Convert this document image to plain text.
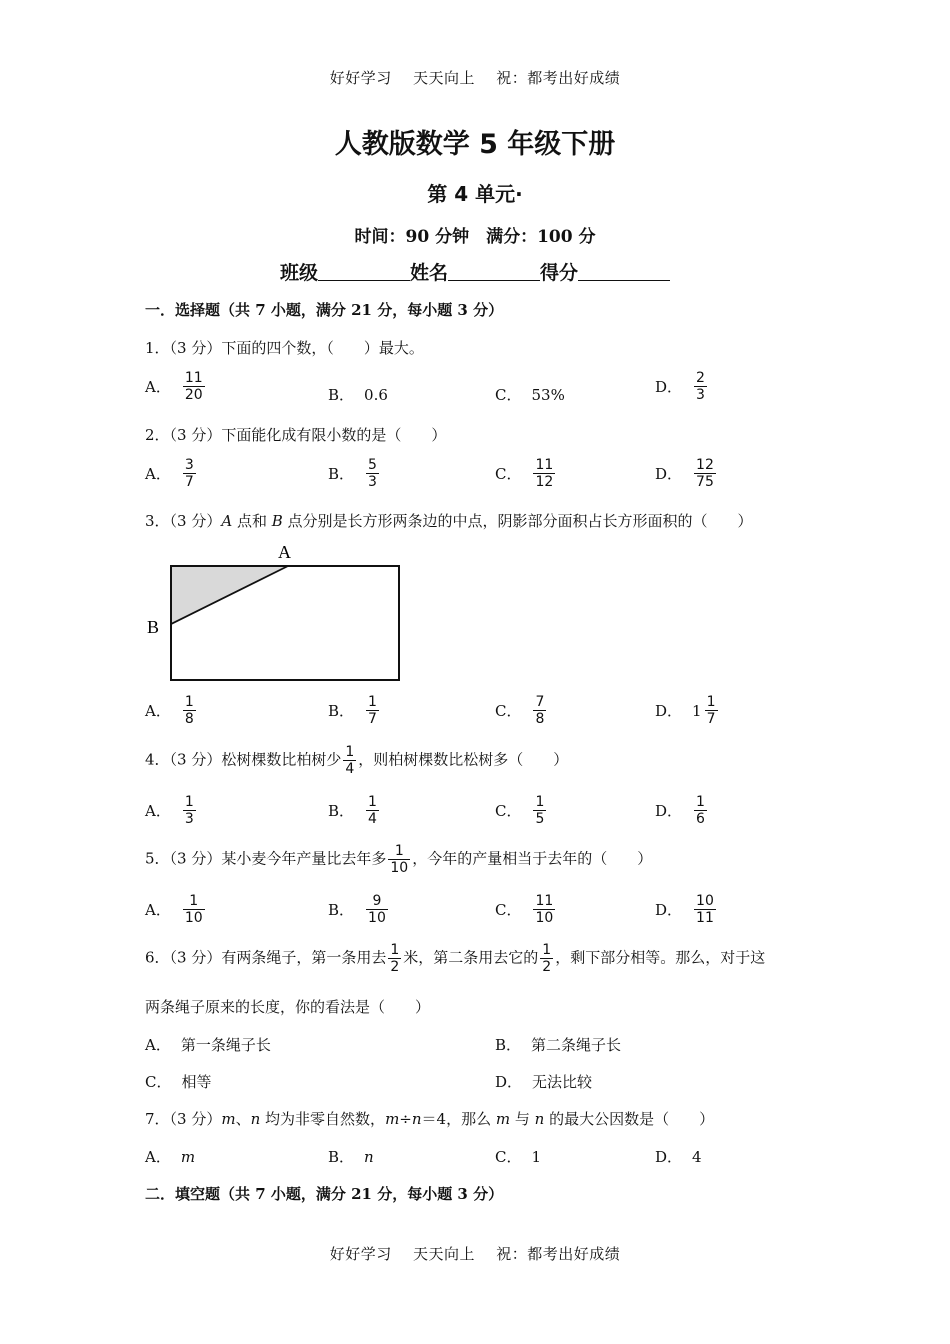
好好学习 天天向上 祝：都考出好成绩
人教版数学 5 年级下册
第 4 单元·
时间：90 分钟　满分：100 分
班级	姓名	得分
一．选择题（共 7 小题，满分 21 分，每小题 3 分）
1．（3 分）下面的四个数，（　　）最大。
A． $\frac{11}{20}$	B． 0.6	C． 53%	D． $\frac{2}{3}$
2．（3 分）下面能化成有限小数的是（　　）
A． $\frac{3}{7}$	B． $\frac{5}{3}$	C． $\frac{11}{12}$	D． $\frac{12}{75}$
3．（3 分）A 点和 B 点分别是长方形两条边的中点，阴影部分面积占长方形面积的（　　）
A
B
A． $\frac{1}{8}$	B． $\frac{1}{7}$	C． $\frac{7}{8}$	D． $1 \frac{1}{7}$
4．（3 分）松树棵数比柏树少 $\frac{1}{4}$ ，则柏树棵数比松树多（　　）
A． $\frac{1}{3}$	B． $\frac{1}{4}$	C． $\frac{1}{5}$	D． $\frac{1}{6}$
5．（3 分）某小麦今年产量比去年多 $\frac{1}{10}$ ，今年的产量相当于去年的（　　）
A． $\frac{1}{10}$	B． $\frac{9}{10}$	C． $\frac{11}{10}$	D． $\frac{10}{11}$
6．（3 分）有两条绳子，第一条用去 $\frac{1}{2}$ 米，第二条用去它的 $\frac{1}{2}$ ，剩下部分相等。那么，对于这
两条绳子原来的长度，你的看法是（　　）
A． 第一条绳子长	B． 第二条绳子长
C． 相等	D． 无法比较
7．（3 分）m、n 均为非零自然数，m÷n＝4，那么 m 与 n 的最大公因数是（　　）
A． m	B． n	C． 1	D． 4
二．填空题（共 7 小题，满分 21 分，每小题 3 分）
好好学习 天天向上 祝：都考出好成绩
